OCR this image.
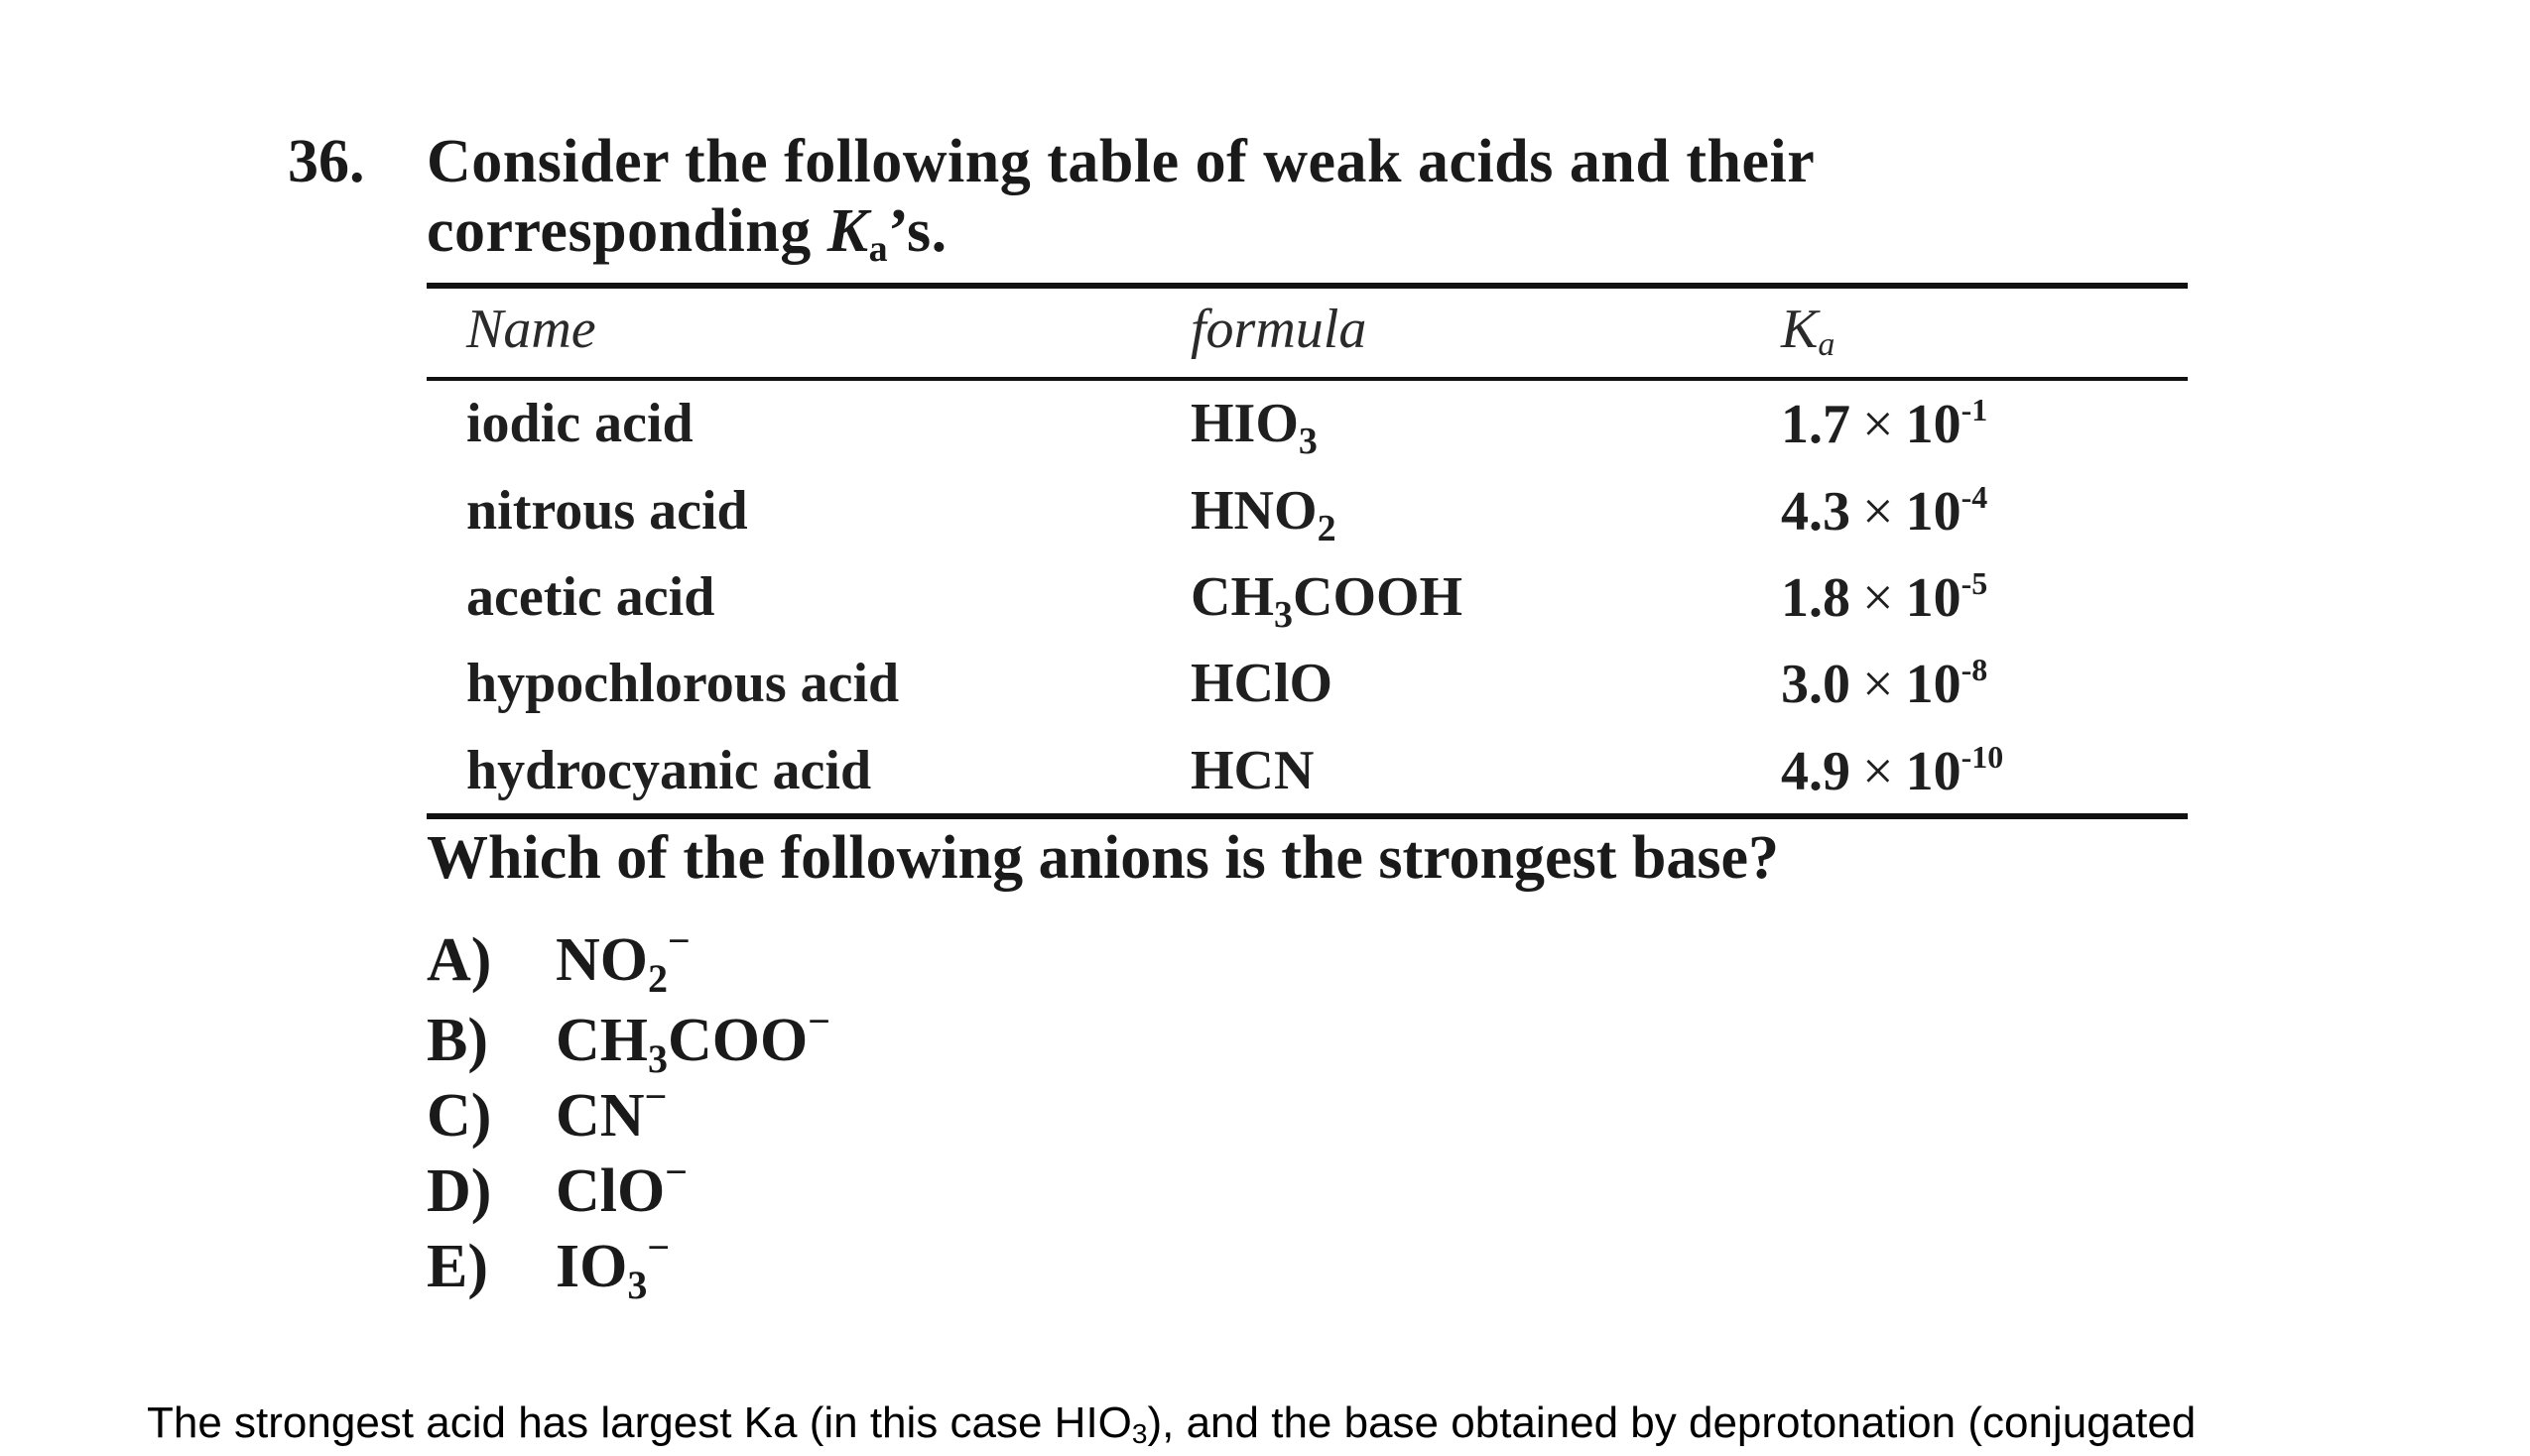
36. Consider the following table of weak acids and their
corresponding $K_a’s$.
Name	formula	$K_a$
iodic acid	$HIO_3$	$1.7 \times 10^{-1}$
nitrous acid	$HNO_2$	$4.3 \times 10^{-4}$
acetic acid	$CH_3COOH$	$1.8 \times 10^{-5}$
hypochlorous acid	HClO	$3.0 \times 10^{-8}$
hydrocyanic acid	HCN	$4.9 \times 10^{-10}$
Which of the following anions is the strongest base?
A) $NO_2^-$
B) $CH_3COO^-$
C) CN−
D) ClO−
E) $IO_3^-$
The strongest acid has largest Ka (in this case $HIO_3$), and the base obtained by deprotonation (conjugated
